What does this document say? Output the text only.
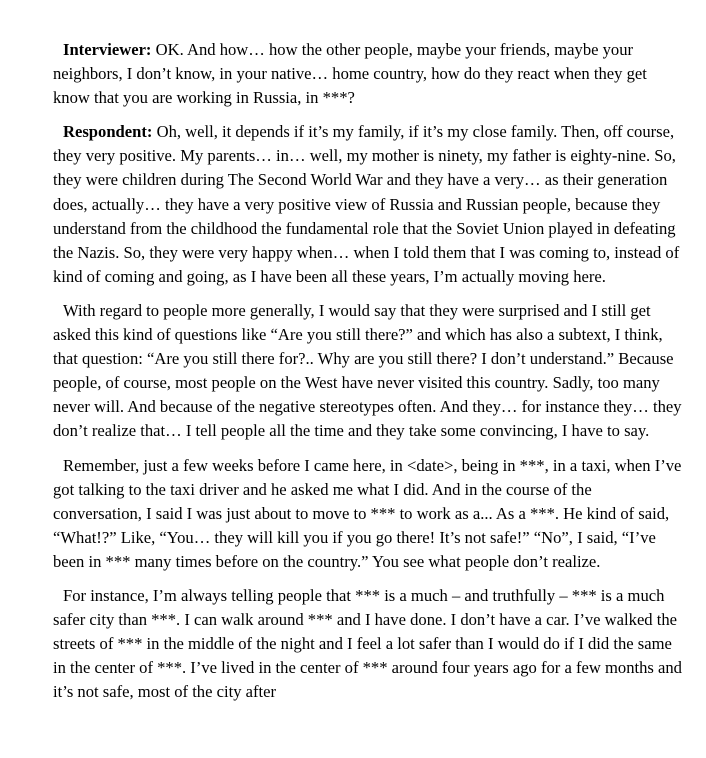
Interviewer: OK. And how… how the other people, maybe your friends, maybe your neighbors, I don’t know, in your native… home country, how do they react when they get know that you are working in Russia, in ***?

Respondent: Oh, well, it depends if it’s my family, if it’s my close family. Then, off course, they very positive. My parents… in… well, my mother is ninety, my father is eighty-nine. So, they were children during The Second World War and they have a very… as their generation does, actually… they have a very positive view of Russia and Russian people, because they understand from the childhood the fundamental role that the Soviet Union played in defeating the Nazis. So, they were very happy when… when I told them that I was coming to, instead of kind of coming and going, as I have been all these years, I’m actually moving here.

With regard to people more generally, I would say that they were surprised and I still get asked this kind of questions like “Are you still there?” and which has also a subtext, I think, that question: “Are you still there for?.. Why are you still there? I don’t understand.” Because people, of course, most people on the West have never visited this country. Sadly, too many never will. And because of the negative stereotypes often. And they… for instance they… they don’t realize that… I tell people all the time and they take some convincing, I have to say.

Remember, just a few weeks before I came here, in <date>, being in ***, in a taxi, when I’ve got talking to the taxi driver and he asked me what I did. And in the course of the conversation, I said I was just about to move to *** to work as a... As a ***. He kind of said, “What!?” Like, “You… they will kill you if you go there! It’s not safe!” “No”, I said, “I’ve been in *** many times before on the country.” You see what people don’t realize.

For instance, I’m always telling people that *** is a much – and truthfully – *** is a much safer city than ***. I can walk around *** and I have done. I don’t have a car. I’ve walked the streets of *** in the middle of the night and I feel a lot safer than I would do if I did the same in the center of ***. I’ve lived in the center of *** around four years ago for a few months and it’s not safe, most of the city after
